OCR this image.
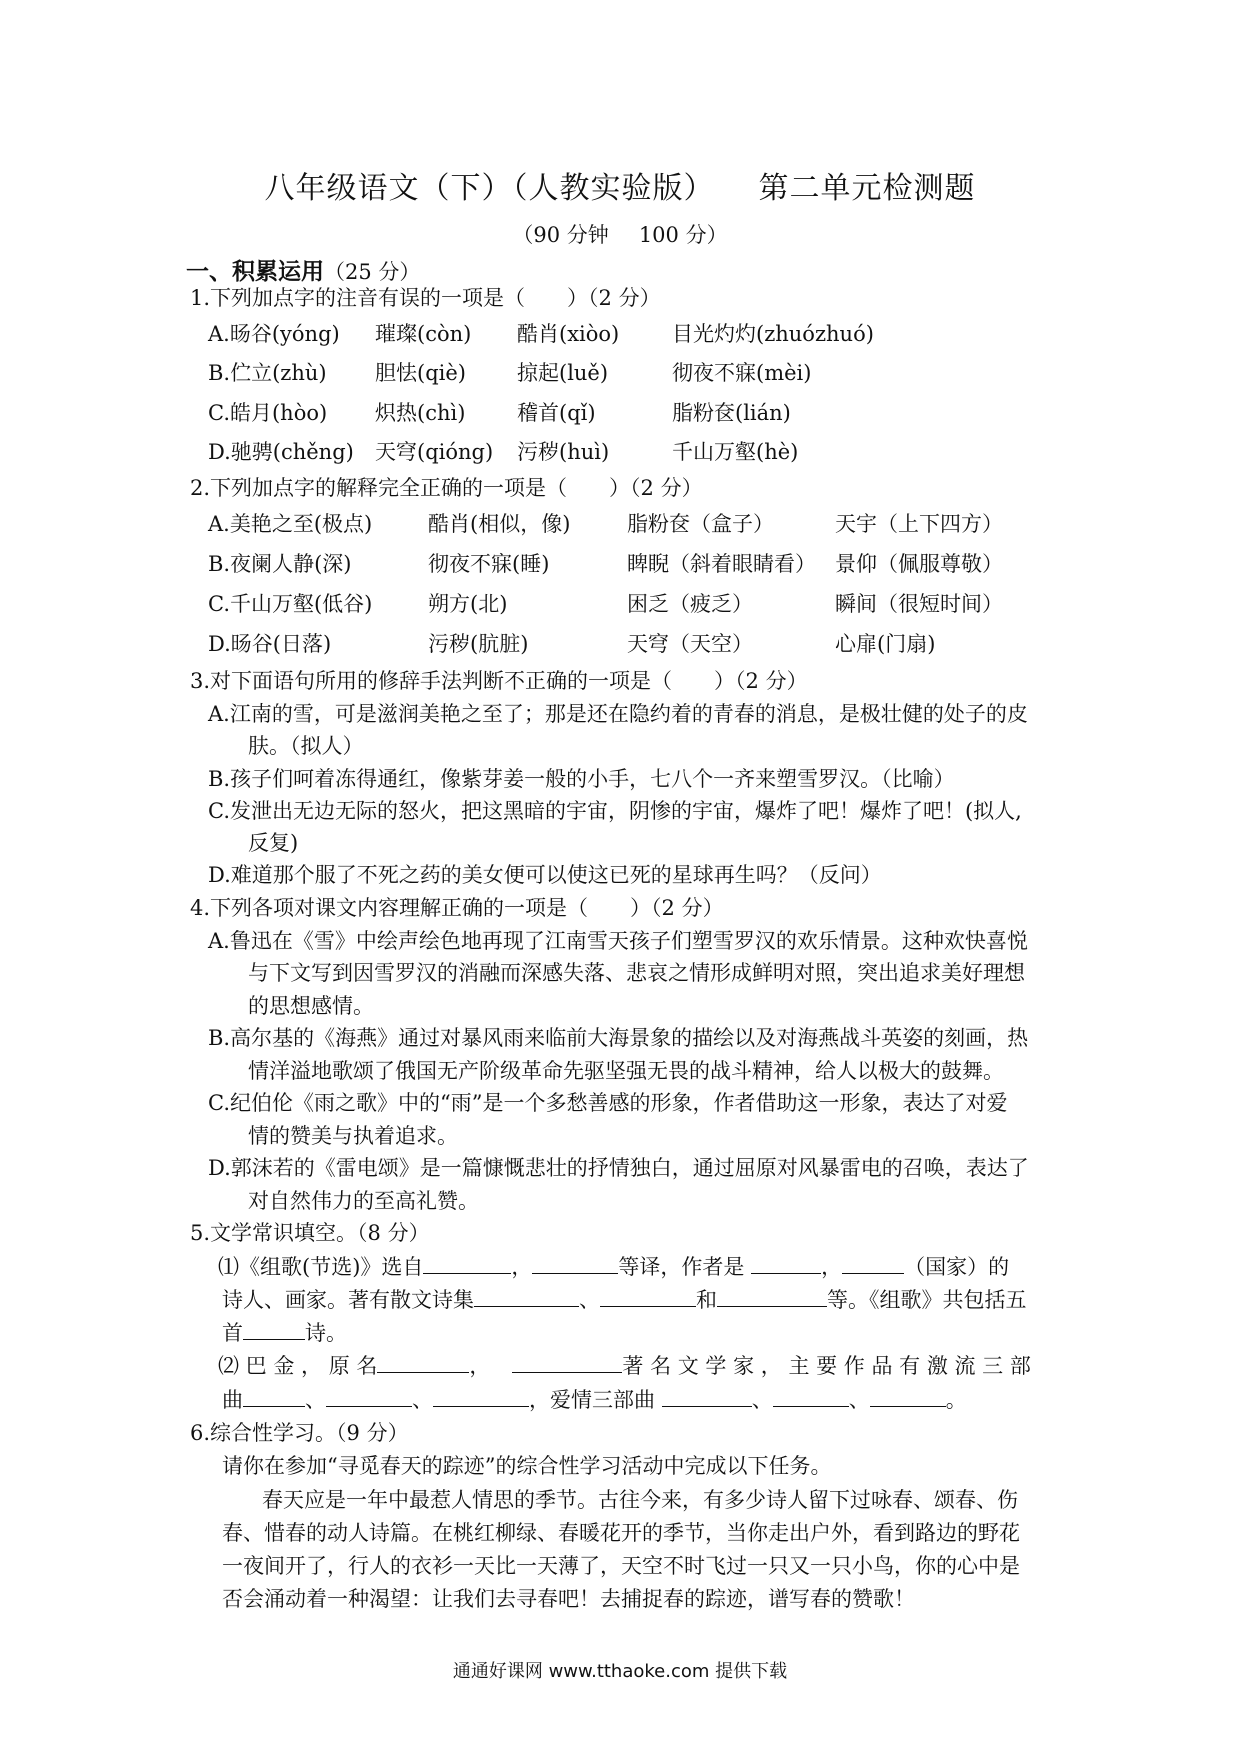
八年级语文（下）（人教实验版） 第二单元检测题
（90 分钟 100 分）
一、积累运用（25 分）
1.下列加点字的注音有误的一项是（　　）（2 分）
A.旸谷(yóng) 璀璨(còn) 酷肖(xiòo)	目光灼灼(zhuózhuó)
B.伫立(zhù) 胆怯(qiè) 掠起(luě)	彻夜不寐(mèi)
C.皓月(hòo) 炽热(chì) 稽首(qǐ)	脂粉奁(lián)
D.驰骋(chěng) 天穹(qióng) 污秽(huì)	千山万壑(hè)
2.下列加点字的解释完全正确的一项是（　　）（2 分）
A.美艳之至(极点)	酷肖(相似，像)	脂粉奁（盒子）	天宇（上下四方）
B.夜阑人静(深)	彻夜不寐(睡)	睥睨（斜着眼睛看） 景仰（佩服尊敬）
C.千山万壑(低谷)	朔方(北)	困乏（疲乏）	瞬间（很短时间）
D.旸谷(日落)	污秽(肮脏)	天穹（天空）	心扉(门扇)
3.对下面语句所用的修辞手法判断不正确的一项是（　　）（2 分）
A.江南的雪，可是滋润美艳之至了；那是还在隐约着的青春的消息，是极壮健的处子的皮
肤。（拟人）
B.孩子们呵着冻得通红，像紫芽姜一般的小手，七八个一齐来塑雪罗汉。（比喻）
C.发泄出无边无际的怒火，把这黑暗的宇宙，阴惨的宇宙，爆炸了吧！爆炸了吧！(拟人,
反复)
D.难道那个服了不死之药的美女便可以使这已死的星球再生吗？（反问）
4.下列各项对课文内容理解正确的一项是（　　）（2 分）
A.鲁迅在《雪》中绘声绘色地再现了江南雪天孩子们塑雪罗汉的欢乐情景。这种欢快喜悦
与下文写到因雪罗汉的消融而深感失落、悲哀之情形成鲜明对照，突出追求美好理想
的思想感情。
B.高尔基的《海燕》通过对暴风雨来临前大海景象的描绘以及对海燕战斗英姿的刻画，热
情洋溢地歌颂了俄国无产阶级革命先驱坚强无畏的战斗精神，给人以极大的鼓舞。
C.纪伯伦《雨之歌》中的“雨”是一个多愁善感的形象，作者借助这一形象，表达了对爱
情的赞美与执着追求。
D.郭沫若的《雷电颂》是一篇慷慨悲壮的抒情独白，通过屈原对风暴雷电的召唤，表达了
对自然伟力的至高礼赞。
5.文学常识填空。（8 分）
⑴《组歌(节选)》选自	，	等译，作者是	，	（国家）的
诗人、画家。著有散文诗集	、	和	等。《组歌》共包括五
首	诗。
⑵ 巴 金 ， 原 名	，	著 名 文 学 家 ， 主 要 作 品 有 激 流 三 部
曲	、	、	，爱情三部曲	、	、	。
6.综合性学习。（9 分）
请你在参加“寻觅春天的踪迹”的综合性学习活动中完成以下任务。
春天应是一年中最惹人情思的季节。古往今来，有多少诗人留下过咏春、颂春、伤
春、惜春的动人诗篇。在桃红柳绿、春暖花开的季节，当你走出户外，看到路边的野花
一夜间开了，行人的衣衫一天比一天薄了，天空不时飞过一只又一只小鸟，你的心中是
否会涌动着一种渴望：让我们去寻春吧！去捕捉春的踪迹，谱写春的赞歌！
通通好课网 www.tthaoke.com 提供下载
